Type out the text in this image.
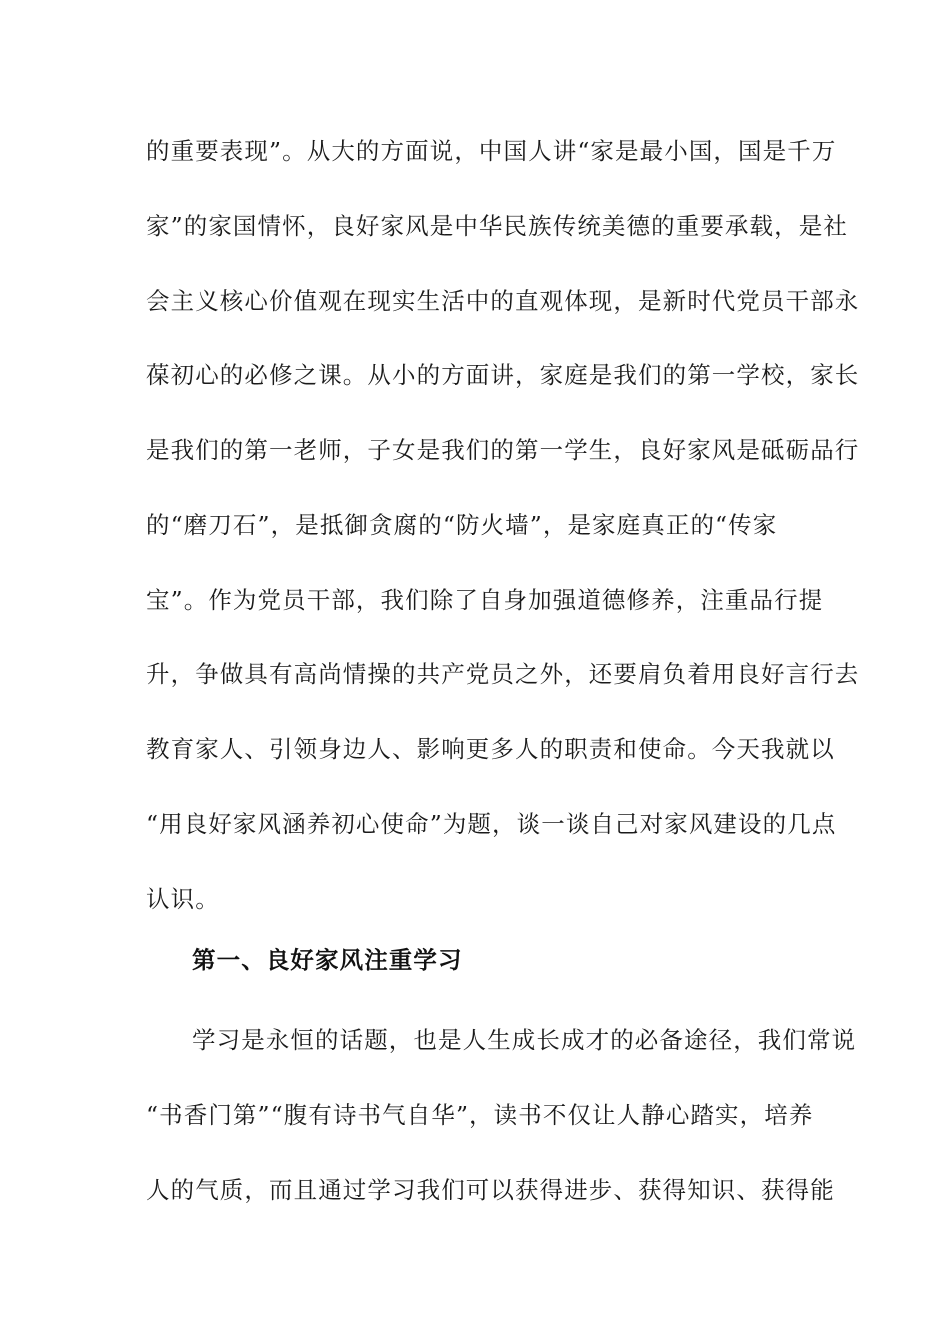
的重要表现”。从大的方面说，中国人讲“家是最小国，国是千万
家”的家国情怀，良好家风是中华民族传统美德的重要承载，是社
会主义核心价值观在现实生活中的直观体现，是新时代党员干部永
葆初心的必修之课。从小的方面讲，家庭是我们的第一学校，家长
是我们的第一老师，子女是我们的第一学生，良好家风是砥砺品行
的“磨刀石”，是抵御贪腐的“防火墙”，是家庭真正的“传家
宝”。作为党员干部，我们除了自身加强道德修养，注重品行提
升，争做具有高尚情操的共产党员之外，还要肩负着用良好言行去
教育家人、引领身边人、影响更多人的职责和使命。今天我就以
“用良好家风涵养初心使命”为题，谈一谈自己对家风建设的几点
认识。
第一、良好家风注重学习
学习是永恒的话题，也是人生成长成才的必备途径，我们常说
“书香门第”“腹有诗书气自华”，读书不仅让人静心踏实，培养
人的气质，而且通过学习我们可以获得进步、获得知识、获得能
